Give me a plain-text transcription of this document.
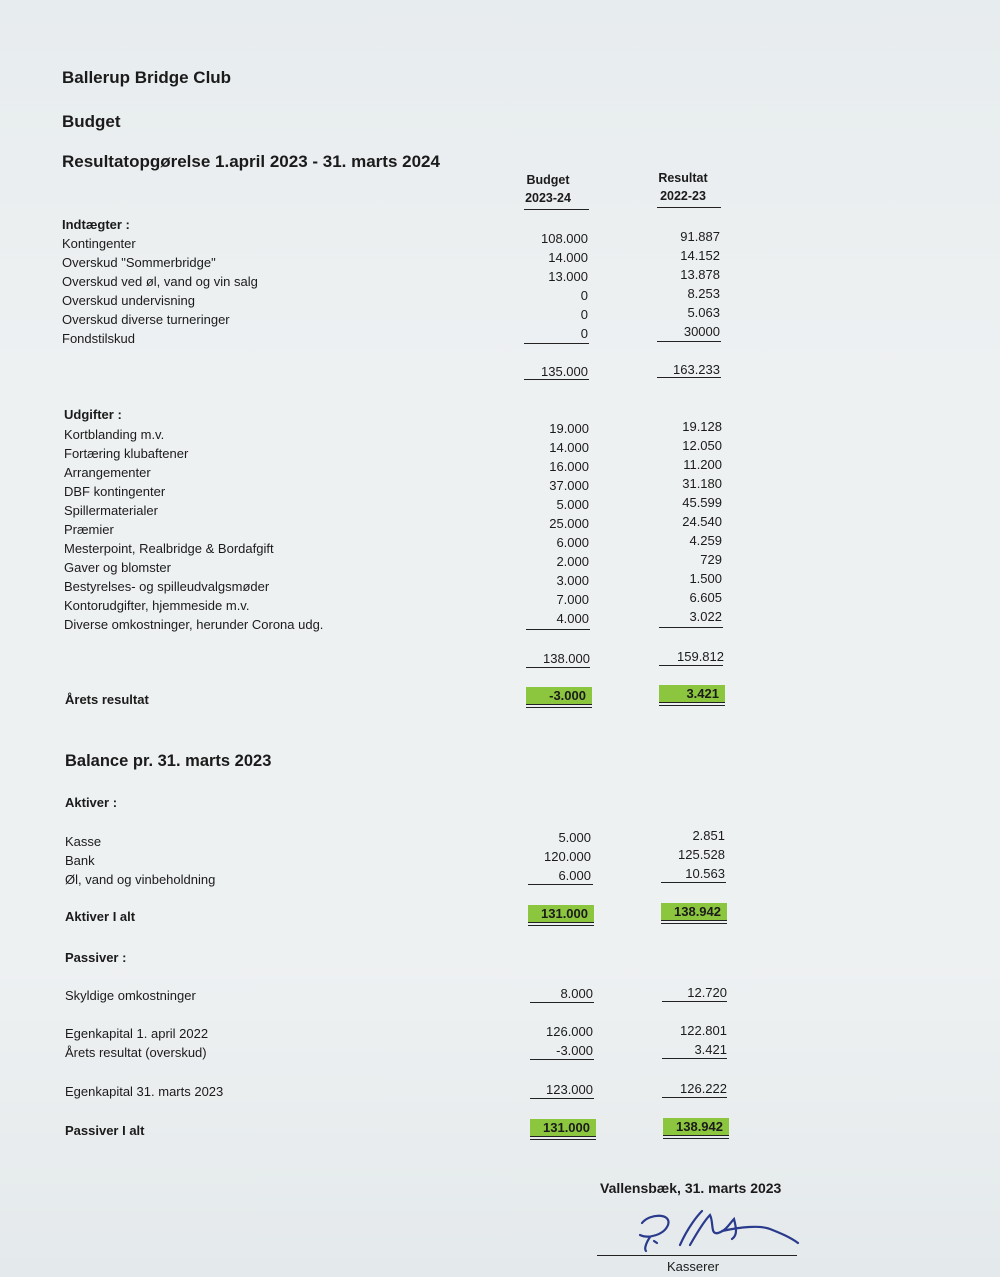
Ballerup Bridge Club
Budget
Resultatopgørelse 1.april 2023 - 31. marts 2024
Budget
2023-24
Resultat
2022-23
Indtægter :
Kontingenter	108.000	91.887
Overskud "Sommerbridge"	14.000	14.152
Overskud ved øl, vand og vin salg	13.000	13.878
Overskud undervisning	0	8.253
Overskud diverse turneringer	0	5.063
Fondstilskud	0	30000
135.000	163.233
Udgifter :
Kortblanding m.v.	19.000	19.128
Fortæring klubaftener	14.000	12.050
Arrangementer	16.000	11.200
DBF kontingenter	37.000	31.180
Spillermaterialer	5.000	45.599
Præmier	25.000	24.540
Mesterpoint, Realbridge & Bordafgift	6.000	4.259
Gaver og blomster	2.000	729
Bestyrelses- og spilleudvalgsmøder	3.000	1.500
Kontorudgifter, hjemmeside m.v.	7.000	6.605
Diverse omkostninger, herunder Corona udg.	4.000	3.022
138.000	159.812
Årets resultat	-3.000	3.421
Balance pr. 31. marts 2023
Aktiver :
Kasse	5.000	2.851
Bank	120.000	125.528
Øl, vand og vinbeholdning	6.000	10.563
Aktiver I alt	131.000	138.942
Passiver :
Skyldige omkostninger	8.000	12.720
Egenkapital 1. april 2022	126.000	122.801
Årets resultat (overskud)	-3.000	3.421
Egenkapital 31. marts 2023	123.000	126.222
Passiver I alt	131.000	138.942
Vallensbæk, 31. marts 2023
Kasserer
